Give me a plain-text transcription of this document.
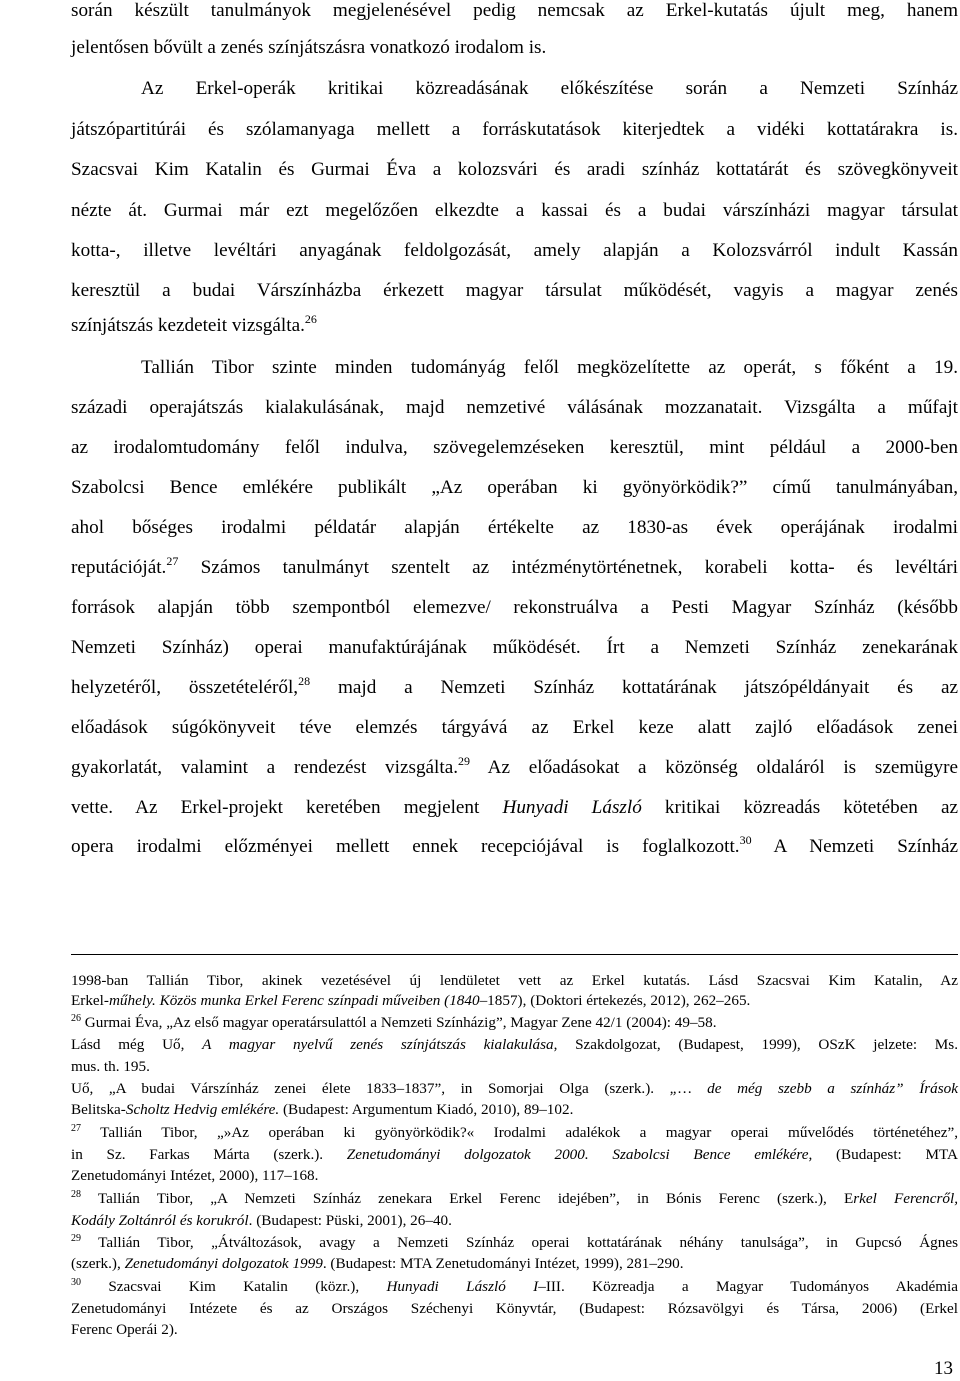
során készült tanulmányok megjelenésével pedig nemcsak az Erkel-kutatás újult meg, hanem
jelentősen bővült a zenés színjátszásra vonatkozó irodalom is.
Az Erkel-operák kritikai közreadásának előkészítése során a Nemzeti Színház
játszópartitúrái és szólamanyaga mellett a forráskutatások kiterjedtek a vidéki kottatárakra is.
Szacsvai Kim Katalin és Gurmai Éva a kolozsvári és aradi színház kottatárát és szövegkönyveit
nézte át. Gurmai már ezt megelőzően elkezdte a kassai és a budai várszínházi magyar társulat
kotta-, illetve levéltári anyagának feldolgozását, amely alapján a Kolozsvárról indult Kassán
keresztül a budai Várszínházba érkezett magyar társulat működését, vagyis a magyar zenés
színjátszás kezdeteit vizsgálta.$^{26}$
Tallián Tibor szinte minden tudományág felől megközelítette az operát, s főként a 19.
századi operajátszás kialakulásának, majd nemzetivé válásának mozzanatait. Vizsgálta a műfajt
az irodalomtudomány felől indulva, szövegelemzéseken keresztül, mint például a 2000-ben
Szabolcsi Bence emlékére publikált „Az operában ki gyönyörködik?” című tanulmányában,
ahol bőséges irodalmi példatár alapján értékelte az 1830-as évek operájának irodalmi
reputációját.$^{27}$ Számos tanulmányt szentelt az intézménytörténetnek, korabeli kotta- és levéltári
források alapján több szempontból elemezve/ rekonstruálva a Pesti Magyar Színház (később
Nemzeti Színház) operai manufaktúrájának működését. Írt a Nemzeti Színház zenekarának
helyzetéről, összetételéről,$^{28}$ majd a Nemzeti Színház kottatárának játszópéldányait és az
előadások súgókönyveit téve elemzés tárgyává az Erkel keze alatt zajló előadások zenei
gyakorlatát, valamint a rendezést vizsgálta.$^{29}$ Az előadásokat a közönség oldaláról is szemügyre
vette. Az Erkel-projekt keretében megjelent Hunyadi László kritikai közreadás kötetében az
opera irodalmi előzményei mellett ennek recepciójával is foglalkozott.$^{30}$ A Nemzeti Színház
1998-ban Tallián Tibor, akinek vezetésével új lendületet vett az Erkel kutatás. Lásd Szacsvai Kim Katalin, Az
Erkel-műhely. Közös munka Erkel Ferenc színpadi műveiben (1840–1857), (Doktori értekezés, 2012), 262–265.
$^{26}$ Gurmai Éva, „Az első magyar operatársulattól a Nemzeti Színházig”, Magyar Zene 42/1 (2004): 49–58.
Lásd még Uő, A magyar nyelvű zenés színjátszás kialakulása, Szakdolgozat, (Budapest, 1999), OSzK jelzete: Ms.
mus. th. 195.
Uő, „A budai Várszínház zenei élete 1833–1837”, in Somorjai Olga (szerk.). „… de még szebb a színház” Írások
Belitska-Scholtz Hedvig emlékére. (Budapest: Argumentum Kiadó, 2010), 89–102.
$^{27}$ Tallián Tibor, „»Az operában ki gyönyörködik?« Irodalmi adalékok a magyar operai művelődés történetéhez”,
in Sz. Farkas Márta (szerk.). Zenetudományi dolgozatok 2000. Szabolcsi Bence emlékére, (Budapest: MTA
Zenetudományi Intézet, 2000), 117–168.
$^{28}$ Tallián Tibor, „A Nemzeti Színház zenekara Erkel Ferenc idejében”, in Bónis Ferenc (szerk.), Erkel Ferencről,
Kodály Zoltánról és korukról. (Budapest: Püski, 2001), 26–40.
$^{29}$ Tallián Tibor, „Átváltozások, avagy a Nemzeti Színház operai kottatárának néhány tanulsága”, in Gupcsó Ágnes
(szerk.), Zenetudományi dolgozatok 1999. (Budapest: MTA Zenetudományi Intézet, 1999), 281–290.
$^{30}$ Szacsvai Kim Katalin (közr.), Hunyadi László I–III. Közreadja a Magyar Tudományos Akadémia
Zenetudományi Intézete és az Országos Széchenyi Könyvtár, (Budapest: Rózsavölgyi és Társa, 2006) (Erkel
Ferenc Operái 2).
13
